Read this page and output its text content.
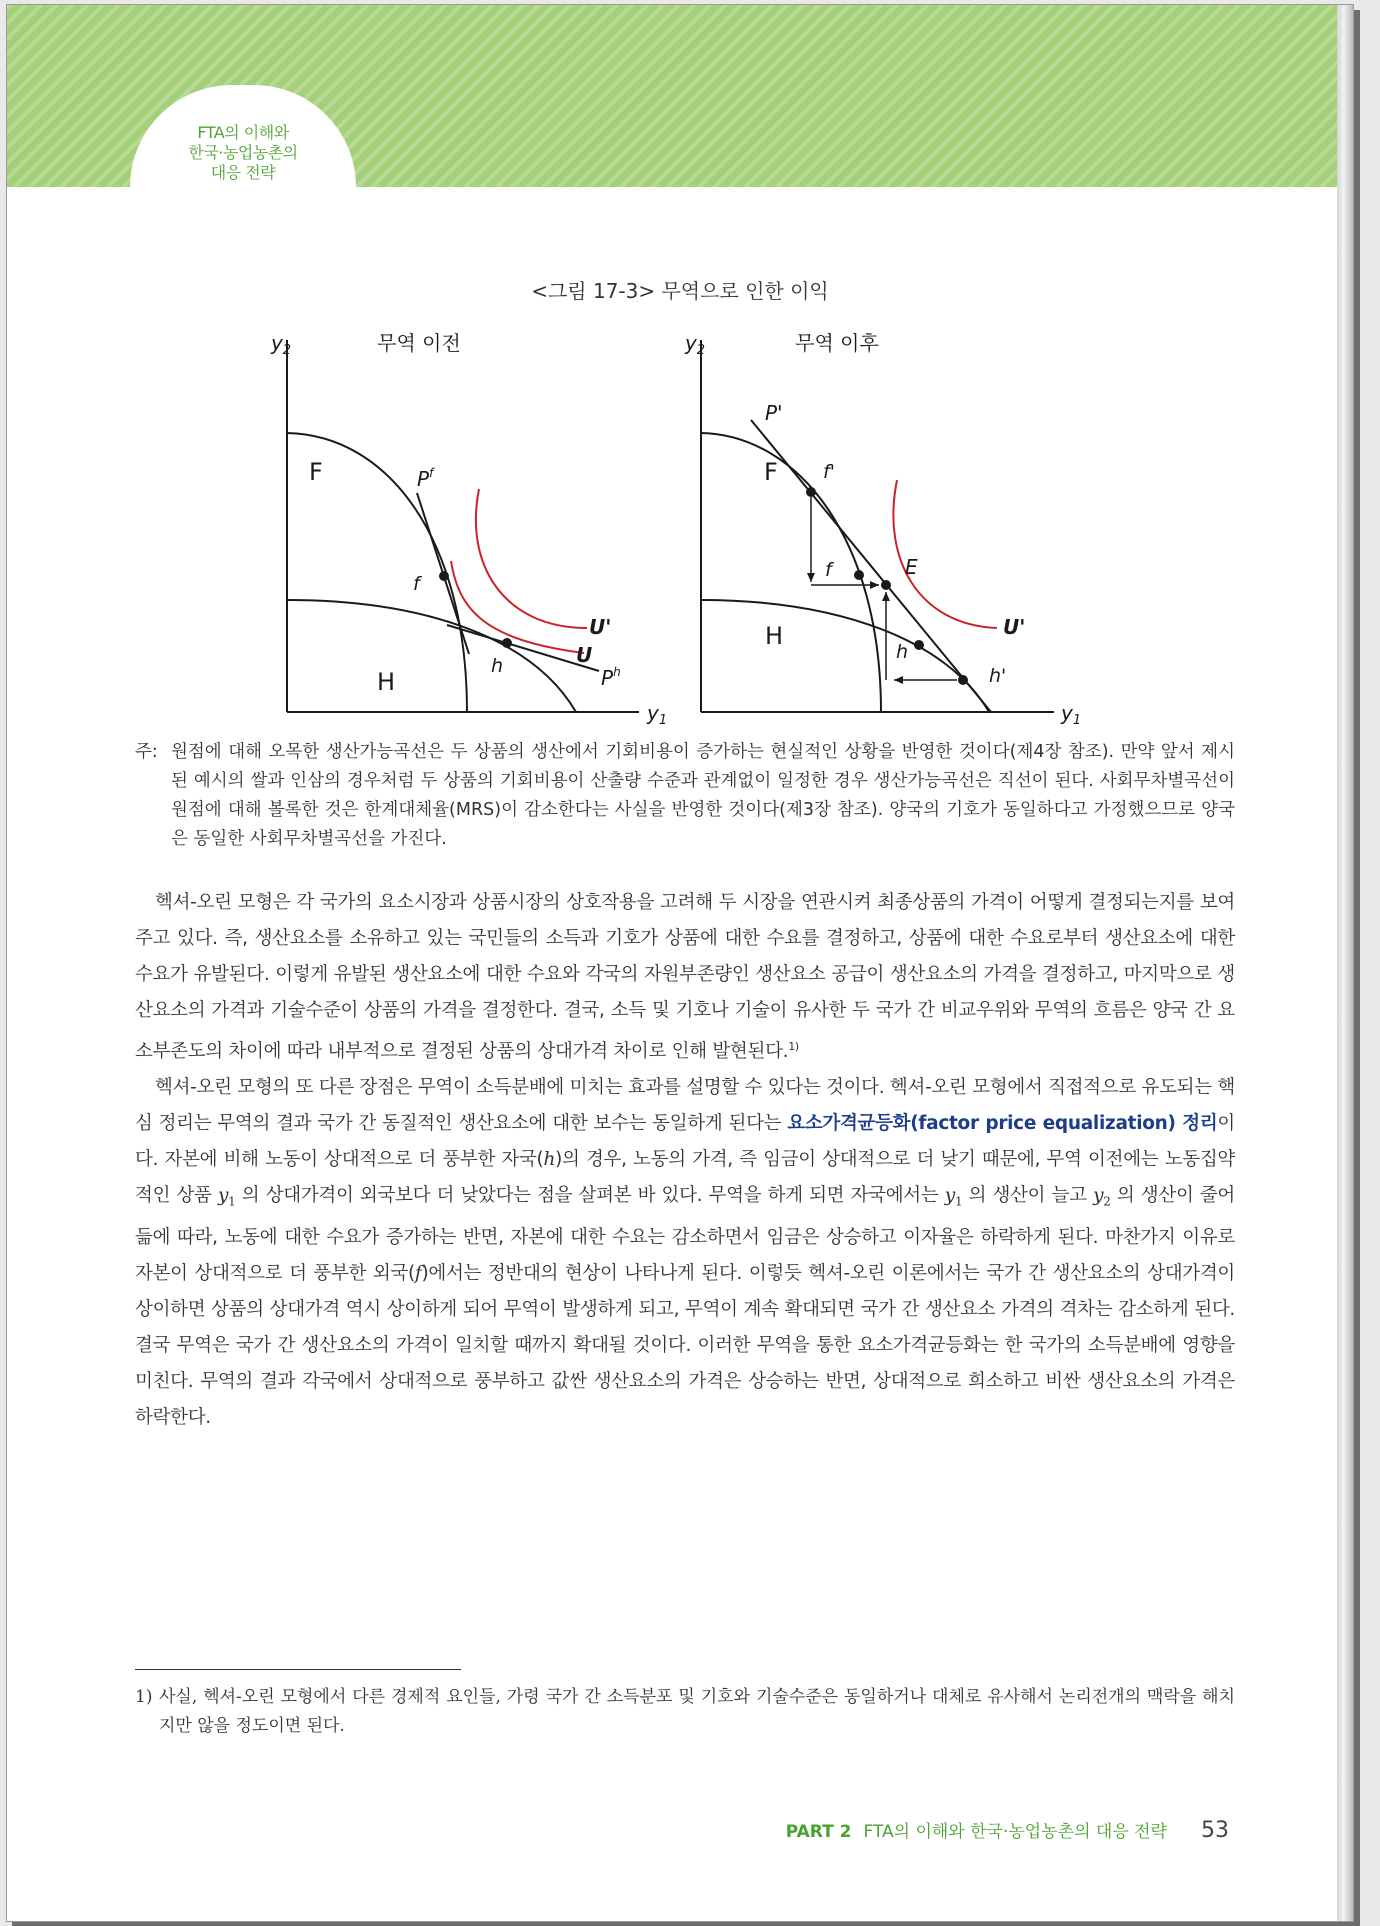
FTA의 이해와
한국·농업농촌의
대응 전략
<그림 17-3> 무역으로 인한 이익
무역 이전
$y_2$
$y_1$
F
H
$P^f$
f
h
U'
U
$P^h$
무역 이후
$y_2$
$y_1$
P'
F f'
f	E
U'
H
h
h'
주: 원점에 대해 오목한 생산가능곡선은 두 상품의 생산에서 기회비용이 증가하는 현실적인 상황을 반영한 것이다(제4장 참조). 만약 앞서 제시된 예시의 쌀과 인삼의 경우처럼 두 상품의 기회비용이 산출량 수준과 관계없이 일정한 경우 생산가능곡선은 직선이 된다. 사회무차별곡선이 원점에 대해 볼록한 것은 한계대체율(MRS)이 감소한다는 사실을 반영한 것이다(제3장 참조). 양국의 기호가 동일하다고 가정했으므로 양국은 동일한 사회무차별곡선을 가진다.

헥셔-오린 모형은 각 국가의 요소시장과 상품시장의 상호작용을 고려해 두 시장을 연관시켜 최종상품의 가격이 어떻게 결정되는지를 보여주고 있다. 즉, 생산요소를 소유하고 있는 국민들의 소득과 기호가 상품에 대한 수요를 결정하고, 상품에 대한 수요로부터 생산요소에 대한 수요가 유발된다. 이렇게 유발된 생산요소에 대한 수요와 각국의 자원부존량인 생산요소 공급이 생산요소의 가격을 결정하고, 마지막으로 생산요소의 가격과 기술수준이 상품의 가격을 결정한다. 결국, 소득 및 기호나 기술이 유사한 두 국가 간 비교우위와 무역의 흐름은 양국 간 요소부존도의 차이에 따라 내부적으로 결정된 상품의 상대가격 차이로 인해 발현된다.$^{1)}$

헥셔-오린 모형의 또 다른 장점은 무역이 소득분배에 미치는 효과를 설명할 수 있다는 것이다. 헥셔-오린 모형에서 직접적으로 유도되는 핵심 정리는 무역의 결과 국가 간 동질적인 생산요소에 대한 보수는 동일하게 된다는 요소가격균등화(factor price equalization) 정리이다. 자본에 비해 노동이 상대적으로 더 풍부한 자국(h)의 경우, 노동의 가격, 즉 임금이 상대적으로 더 낮기 때문에, 무역 이전에는 노동집약적인 상품 $y_1$ 의 상대가격이 외국보다 더 낮았다는 점을 살펴본 바 있다. 무역을 하게 되면 자국에서는 $y_1$ 의 생산이 늘고 $y_2$ 의 생산이 줄어듦에 따라, 노동에 대한 수요가 증가하는 반면, 자본에 대한 수요는 감소하면서 임금은 상승하고 이자율은 하락하게 된다. 마찬가지 이유로 자본이 상대적으로 더 풍부한 외국(f)에서는 정반대의 현상이 나타나게 된다. 이렇듯 헥셔-오린 이론에서는 국가 간 생산요소의 상대가격이 상이하면 상품의 상대가격 역시 상이하게 되어 무역이 발생하게 되고, 무역이 계속 확대되면 국가 간 생산요소 가격의 격차는 감소하게 된다. 결국 무역은 국가 간 생산요소의 가격이 일치할 때까지 확대될 것이다. 이러한 무역을 통한 요소가격균등화는 한 국가의 소득분배에 영향을 미친다. 무역의 결과 각국에서 상대적으로 풍부하고 값싼 생산요소의 가격은 상승하는 반면, 상대적으로 희소하고 비싼 생산요소의 가격은 하락한다.

1) 사실, 헥셔-오린 모형에서 다른 경제적 요인들, 가령 국가 간 소득분포 및 기호와 기술수준은 동일하거나 대체로 유사해서 논리전개의 맥락을 해치지만 않을 정도이면 된다.

PART 2 FTA의 이해와 한국·농업농촌의 대응 전략 53
